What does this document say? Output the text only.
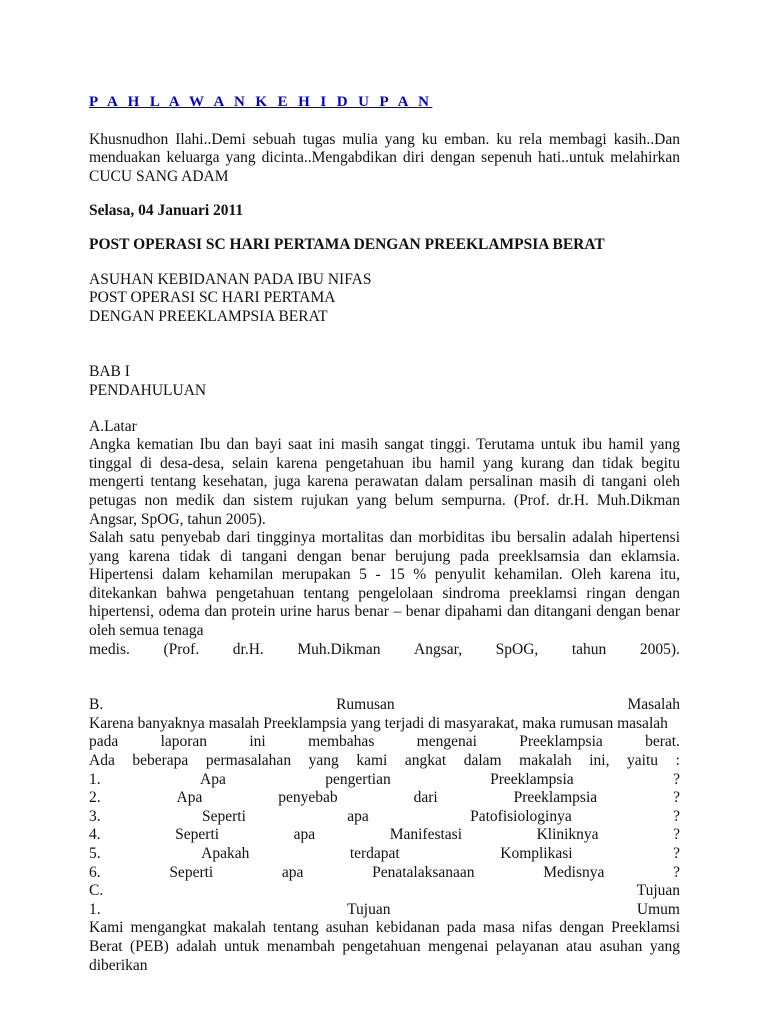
P A H L A W A N K E H I D U P A N

Khusnudhon Ilahi..Demi sebuah tugas mulia yang ku emban. ku rela membagi kasih..Dan menduakan keluarga yang dicinta..Mengabdikan diri dengan sepenuh hati..untuk melahirkan CUCU SANG ADAM

Selasa, 04 Januari 2011
POST OPERASI SC HARI PERTAMA DENGAN PREEKLAMPSIA BERAT
ASUHAN KEBIDANAN PADA IBU NIFAS
POST OPERASI SC HARI PERTAMA
DENGAN PREEKLAMPSIA BERAT
BAB I
PENDAHULUAN
A.Latar

Angka kematian Ibu dan bayi saat ini masih sangat tinggi. Terutama untuk ibu hamil yang tinggal di desa-desa, selain karena pengetahuan ibu hamil yang kurang dan tidak begitu mengerti tentang kesehatan, juga karena perawatan dalam persalinan masih di tangani oleh petugas non medik dan sistem rujukan yang belum sempurna. (Prof. dr.H. Muh.Dikman Angsar, SpOG, tahun 2005).

Salah satu penyebab dari tingginya mortalitas dan morbiditas ibu bersalin adalah hipertensi yang karena tidak di tangani dengan benar berujung pada preeklsamsia dan eklamsia. Hipertensi dalam kehamilan merupakan 5 - 15 % penyulit kehamilan. Oleh karena itu, ditekankan bahwa pengetahuan tentang pengelolaan sindroma preeklamsi ringan dengan hipertensi, odema dan protein urine harus benar – benar dipahami dan ditangani dengan benar oleh semua tenaga

medis. (Prof. dr.H. Muh.Dikman Angsar, SpOG, tahun 2005).
B.	Rumusan	Masalah
Karena banyaknya masalah Preeklampsia yang terjadi di masyarakat, maka rumusan masalah
pada	laporan	ini	membahas	mengenai	Preeklampsia	berat.
Ada beberapa permasalahan yang kami angkat dalam makalah ini, yaitu :
1.	Apa	pengertian	Preeklampsia	?
2.	Apa	penyebab	dari	Preeklampsia	?
3.	Seperti	apa	Patofisiologinya	?
4.	Seperti	apa	Manifestasi	Kliniknya	?
5.	Apakah	terdapat	Komplikasi	?
6.	Seperti	apa	Penatalaksanaan	Medisnya	?
C.	Tujuan
1.	Tujuan	Umum

Kami mengangkat makalah tentang asuhan kebidanan pada masa nifas dengan Preeklamsi Berat (PEB) adalah untuk menambah pengetahuan mengenai pelayanan atau asuhan yang diberikan
